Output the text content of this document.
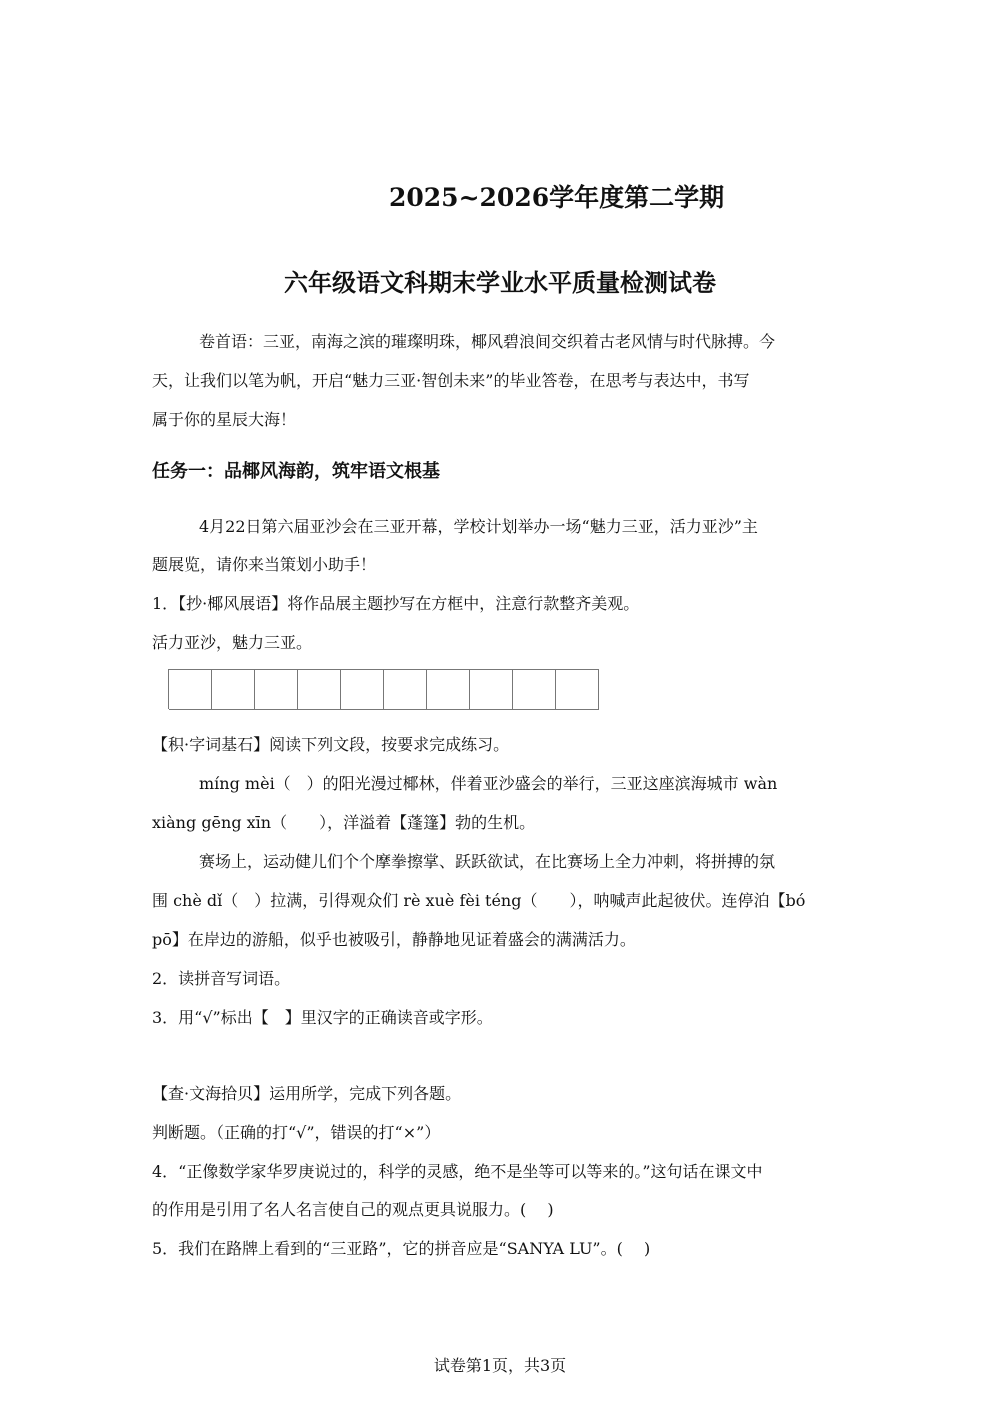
2025~2026学年度第二学期
六年级语文科期末学业水平质量检测试卷
卷首语：三亚，南海之滨的璀璨明珠，椰风碧浪间交织着古老风情与时代脉搏。今
天，让我们以笔为帆，开启“魅力三亚·智创未来”的毕业答卷，在思考与表达中，书写
属于你的星辰大海！
任务一：品椰风海韵，筑牢语文根基
4月22日第六届亚沙会在三亚开幕，学校计划举办一场“魅力三亚，活力亚沙”主
题展览，请你来当策划小助手！
1．【抄·椰风展语】将作品展主题抄写在方框中，注意行款整齐美观。
活力亚沙，魅力三亚。
【积·字词基石】阅读下列文段，按要求完成练习。
míng mèi（　）的阳光漫过椰林，伴着亚沙盛会的举行，三亚这座滨海城市 wàn
xiàng gēng xīn（　　），洋溢着【蓬篷】勃的生机。
赛场上，运动健儿们个个摩拳擦掌、跃跃欲试，在比赛场上全力冲刺，将拼搏的氛
围 chè dǐ（　）拉满，引得观众们 rè xuè fèi téng（　　），呐喊声此起彼伏。连停泊【bó
pō】在岸边的游船，似乎也被吸引，静静地见证着盛会的满满活力。
2．读拼音写词语。
3．用“√”标出【　】里汉字的正确读音或字形。
【查·文海拾贝】运用所学，完成下列各题。
判断题。（正确的打“√”，错误的打“×”）
4．“正像数学家华罗庚说过的，科学的灵感，绝不是坐等可以等来的。”这句话在课文中
的作用是引用了名人名言使自己的观点更具说服力。(　 )
5．我们在路牌上看到的“三亚路”，它的拼音应是“SANYA LU”。(　 )
试卷第1页，共3页
